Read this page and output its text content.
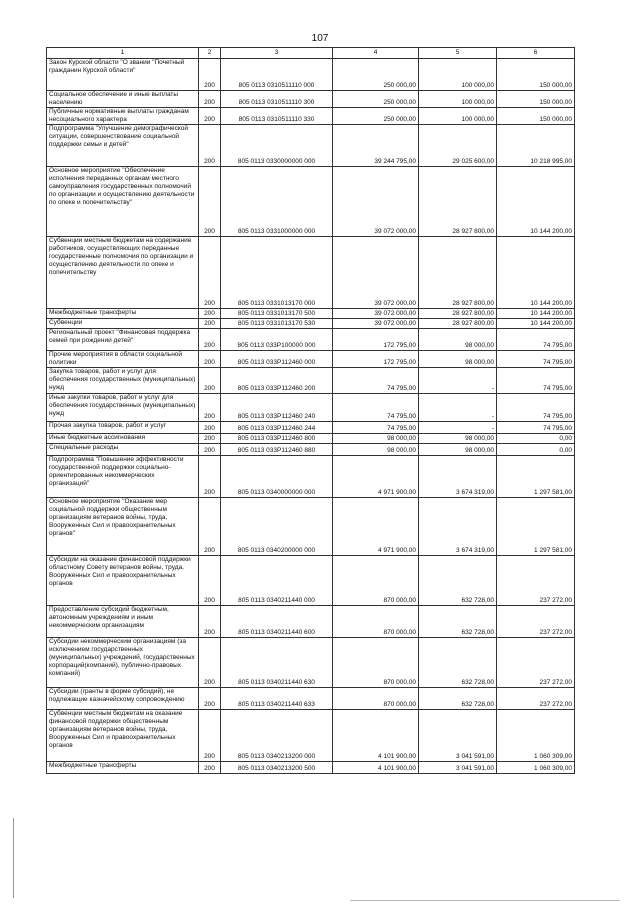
107
1	2	3	4	5	6
Закон Курской области "О звании "Почетный гражданин Курской области"	200	805 0113 0310511110 000	250 000,00	100 000,00	150 000,00
Социальное обеспечение и иные выплаты населению	200	805 0113 0310511110 300	250 000,00	100 000,00	150 000,00
Публичные нормативные выплаты гражданам несоциального характера	200	805 0113 0310511110 330	250 000,00	100 000,00	150 000,00
Подпрограмма "Улучшение демографической ситуации, совершенствование социальной поддержки семьи и детей"	200	805 0113 0330000000 000	39 244 795,00	29 025 600,00	10 218 995,00
Основное мероприятие "Обеспечение исполнения переданных органам местного самоуправления государственных полномочий по организации и осуществлению деятельности по опеке и попечительству"	200	805 0113 0331000000 000	39 072 000,00	28 927 800,00	10 144 200,00
Субвенции местным бюджетам на содержание работников, осуществляющих переданные государственные полномочия по организации и осуществлению деятельности по опеке и попечительству	200	805 0113 0331013170 000	39 072 000,00	28 927 800,00	10 144 200,00
Межбюджетные трансферты	200	805 0113 0331013170 500	39 072 000,00	28 927 800,00	10 144 200,00
Субвенции	200	805 0113 0331013170 530	39 072 000,00	28 927 800,00	10 144 200,00
Региональный проект "Финансовая поддержка семей при рождении детей"	200	805 0113 033P100000 000	172 795,00	98 000,00	74 795,00
Прочие мероприятия в области социальной политики	200	805 0113 033P112460 000	172 795,00	98 000,00	74 795,00
Закупка товаров, работ и услуг для обеспечения государственных (муниципальных) нужд	200	805 0113 033P112460 200	74 795,00	-	74 795,00
Иные закупки товаров, работ и услуг для обеспечения государственных (муниципальных) нужд	200	805 0113 033P112460 240	74 795,00	-	74 795,00
Прочая закупка товаров, работ и услуг	200	805 0113 033P112460 244	74 795,00	-	74 795,00
Иные бюджетные ассигнования	200	805 0113 033P112460 800	98 000,00	98 000,00	0,00
Специальные расходы	200	805 0113 033P112460 880	98 000,00	98 000,00	0,00
Подпрограмма "Повышение эффективности государственной поддержки социально-ориентированных некоммерческих организаций"	200	805 0113 0340000000 000	4 971 900,00	3 674 319,00	1 297 581,00
Основное мероприятие "Оказание мер социальной поддержки общественным организациям ветеранов войны, труда, Вооруженных Сил и правоохранительных органов"	200	805 0113 0340200000 000	4 971 900,00	3 674 319,00	1 297 581,00
Субсидии на оказание финансовой поддержки областному Совету ветеранов войны, труда, Вооруженных Сил и правоохранительных органов	200	805 0113 0340211440 000	870 000,00	632 728,00	237 272,00
Предоставление субсидий бюджетным, автономным учреждениям и иным некоммерческим организациям	200	805 0113 0340211440 600	870 000,00	632 728,00	237 272,00
Субсидии некоммерческим организациям (за исключением государственных (муниципальных) учреждений, государственных корпораций(компаний), публично-правовых компаний)	200	805 0113 0340211440 630	870 000,00	632 728,00	237 272,00
Субсидии (гранты в форме субсидий), не подлежащие казначейскому сопровождению	200	805 0113 0340211440 633	870 000,00	632 728,00	237 272,00
Субвенции местным бюджетам на оказание финансовой поддержки общественным организациям ветеранов войны, труда, Вооруженных Сил и правоохранительных органов	200	805 0113 0340213200 000	4 101 900,00	3 041 591,00	1 060 309,00
Межбюджетные трансферты	200	805 0113 0340213200 500	4 101 900,00	3 041 591,00	1 060 309,00
